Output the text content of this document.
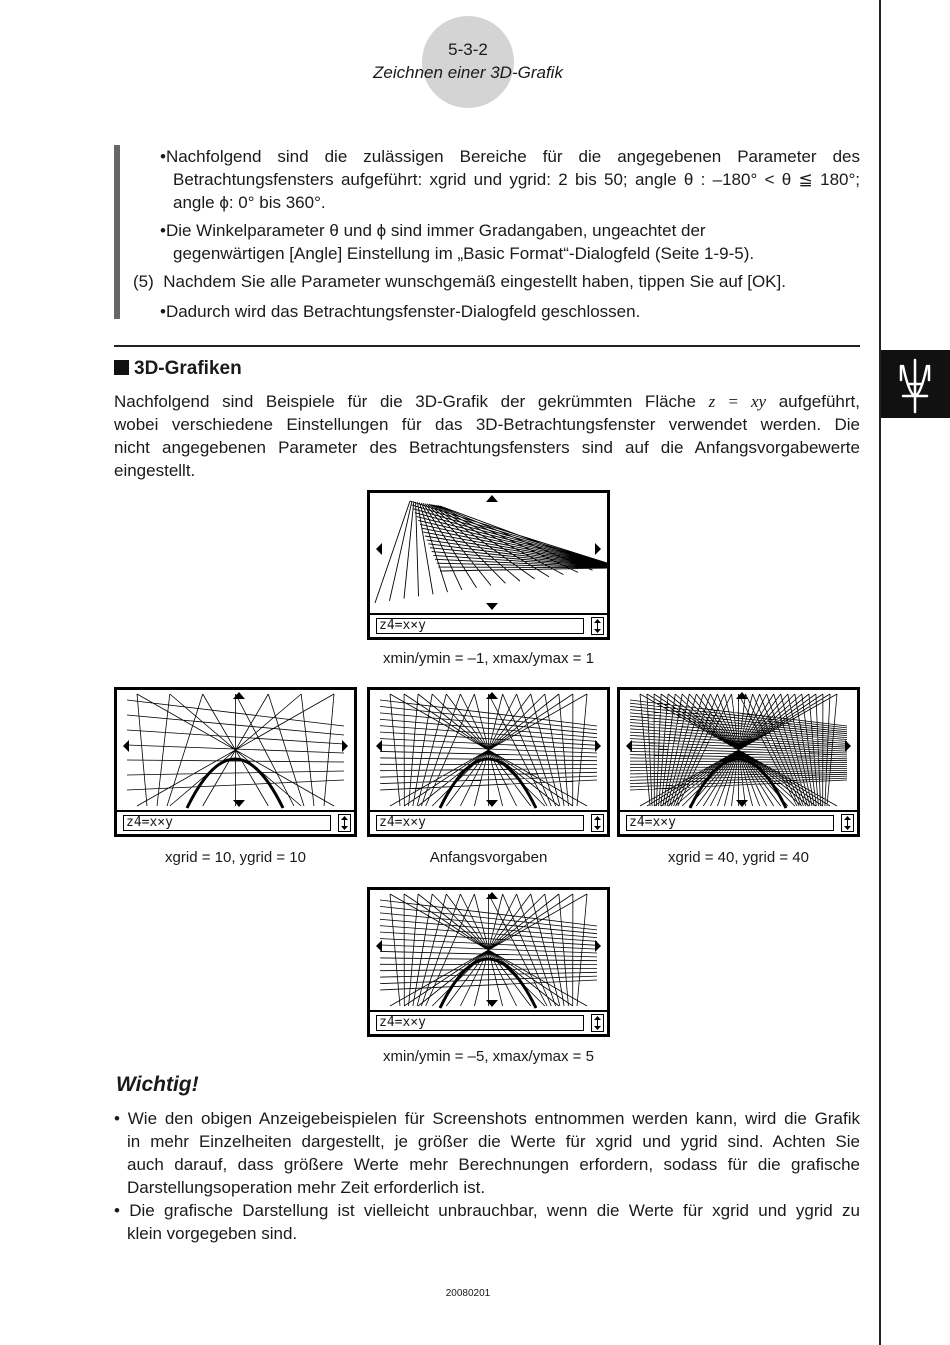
5-3-2
Zeichnen einer 3D-Grafik
•Nachfolgend sind die zulässigen Bereiche für die angegebenen Parameter des
Betrachtungsfensters aufgeführt: xgrid und ygrid: 2 bis 50; angle θ : –180° < θ ≦ 180°;
angle ϕ: 0° bis 360°.
•Die Winkelparameter θ und ϕ sind immer Gradangaben, ungeachtet der
gegenwärtigen [Angle] Einstellung im „Basic Format“-Dialogfeld (Seite 1-9-5).
(5)  Nachdem Sie alle Parameter wunschgemäß eingestellt haben, tippen Sie auf [OK].
•Dadurch wird das Betrachtungsfenster-Dialogfeld geschlossen.
3D-Grafiken
Nachfolgend sind Beispiele für die 3D-Grafik der gekrümmten Fläche z = xy aufgeführt,
wobei verschiedene Einstellungen für das 3D-Betrachtungsfenster verwendet werden. Die
nicht angegebenen Parameter des Betrachtungsfensters sind auf die Anfangsvorgabewerte
eingestellt.
z4=x×y
xmin/ymin = –1, xmax/ymax = 1
z4=x×y
xgrid = 10, ygrid = 10
z4=x×y
Anfangsvorgaben
z4=x×y
xgrid = 40, ygrid = 40
z4=x×y
xmin/ymin = –5, xmax/ymax = 5
Wichtig!
• Wie den obigen Anzeigebeispielen für Screenshots entnommen werden kann, wird die Grafik
in mehr Einzelheiten dargestellt, je größer die Werte für xgrid und ygrid sind. Achten Sie
auch darauf, dass größere Werte mehr Berechnungen erfordern, sodass für die grafische
Darstellungsoperation mehr Zeit erforderlich ist.
• Die grafische Darstellung ist vielleicht unbrauchbar, wenn die Werte für xgrid und ygrid zu
klein vorgegeben sind.
20080201
